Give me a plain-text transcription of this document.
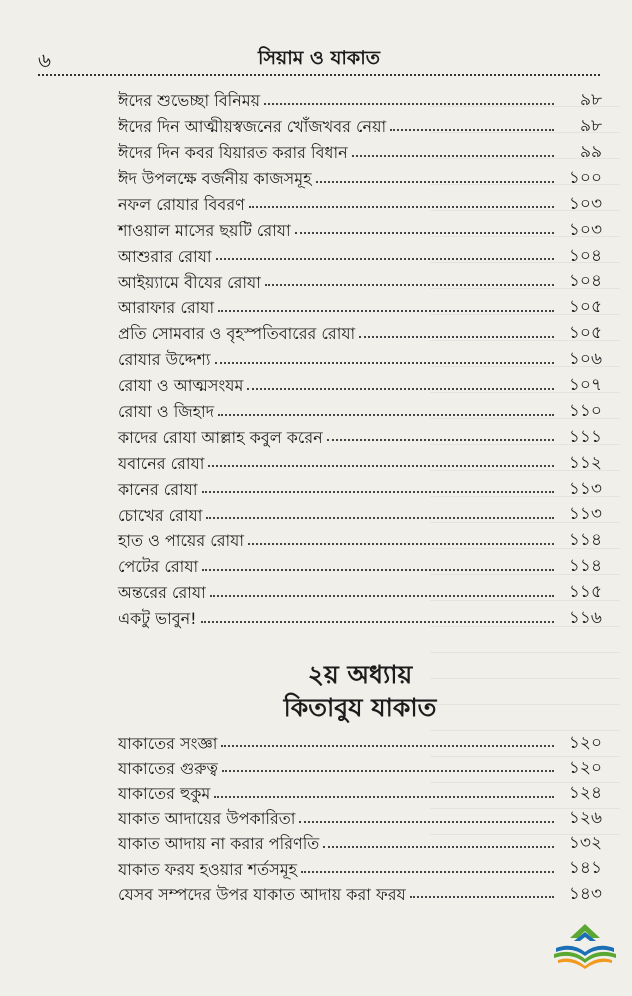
৬	সিয়াম ও যাকাত
ঈদের শুভেচ্ছা বিনিময়	৯৮
ঈদের দিন আত্মীয়স্বজনের খোঁজখবর নেয়া	৯৮
ঈদের দিন কবর যিয়ারত করার বিধান	৯৯
ঈদ উপলক্ষে বর্জনীয় কাজসমূহ	১০০
নফল রোযার বিবরণ	১০৩
শাওয়াল মাসের ছয়টি রোযা	১০৩
আশুরার রোযা	১০৪
আইয়্যামে বীযের রোযা	১০৪
আরাফার রোযা	১০৫
প্রতি সোমবার ও বৃহস্পতিবারের রোযা	১০৫
রোযার উদ্দেশ্য	১০৬
রোযা ও আত্মসংযম	১০৭
রোযা ও জিহাদ	১১০
কাদের রোযা আল্লাহ কবুল করেন	১১১
যবানের রোযা	১১২
কানের রোযা	১১৩
চোখের রোযা	১১৩
হাত ও পায়ের রোযা	১১৪
পেটের রোযা	১১৪
অন্তরের রোযা	১১৫
একটু ভাবুন!	১১৬
২য় অধ্যায়
কিতাবুয যাকাত
যাকাতের সংজ্ঞা	১২০
যাকাতের গুরুত্ব	১২০
যাকাতের হুকুম	১২৪
যাকাত আদায়ের উপকারিতা	১২৬
যাকাত আদায় না করার পরিণতি	১৩২
যাকাত ফরয হওয়ার শর্তসমূহ	১৪১
যেসব সম্পদের উপর যাকাত আদায় করা ফরয	১৪৩
